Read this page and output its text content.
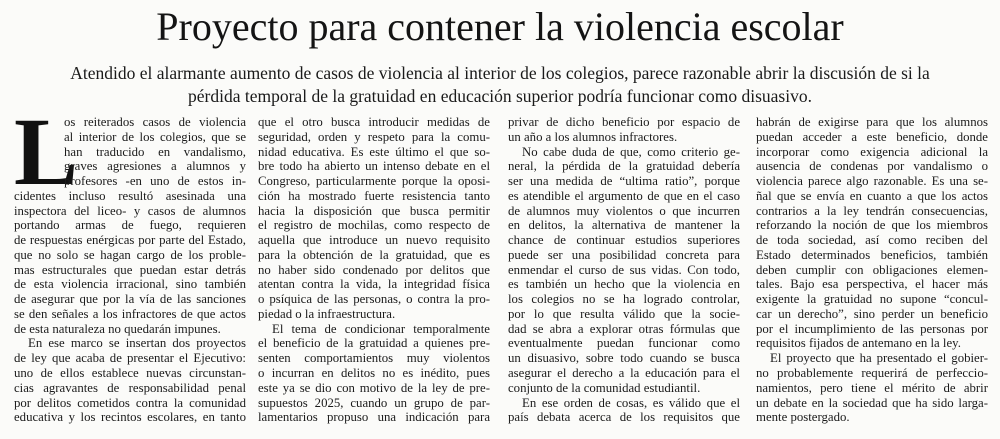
Proyecto para contener la violencia escolar
Atendido el alarmante aumento de casos de violencia al interior de los colegios, parece razonable abrir la discusión de si la
pérdida temporal de la gratuidad en educación superior podría funcionar como disuasivo.
L
os reiterados casos de violencia
al interior de los colegios, que se
han traducido en vandalismo,
graves agresiones a alumnos y
profesores -en uno de estos in-
cidentes incluso resultó asesinada una
inspectora del liceo- y casos de alumnos
portando armas de fuego, requieren
de respuestas enérgicas por parte del Estado,
que no solo se hagan cargo de los proble-
mas estructurales que puedan estar detrás
de esta violencia irracional, sino también
de asegurar que por la vía de las sanciones
se den señales a los infractores de que actos
de esta naturaleza no quedarán impunes.
En ese marco se insertan dos proyectos
de ley que acaba de presentar el Ejecutivo:
uno de ellos establece nuevas circunstan-
cias agravantes de responsabilidad penal
por delitos cometidos contra la comunidad
educativa y los recintos escolares, en tanto
que el otro busca introducir medidas de
seguridad, orden y respeto para la comu-
nidad educativa. Es este último el que so-
bre todo ha abierto un intenso debate en el
Congreso, particularmente porque la oposi-
ción ha mostrado fuerte resistencia tanto
hacia la disposición que busca permitir
el registro de mochilas, como respecto de
aquella que introduce un nuevo requisito
para la obtención de la gratuidad, que es
no haber sido condenado por delitos que
atentan contra la vida, la integridad física
o psíquica de las personas, o contra la pro-
piedad o la infraestructura.
El tema de condicionar temporalmente
el beneficio de la gratuidad a quienes pre-
senten comportamientos muy violentos
o incurran en delitos no es inédito, pues
este ya se dio con motivo de la ley de pre-
supuestos 2025, cuando un grupo de par-
lamentarios propuso una indicación para
privar de dicho beneficio por espacio de
un año a los alumnos infractores.
No cabe duda de que, como criterio ge-
neral, la pérdida de la gratuidad debería
ser una medida de “ultima ratio”, porque
es atendible el argumento de que en el caso
de alumnos muy violentos o que incurren
en delitos, la alternativa de mantener la
chance de continuar estudios superiores
puede ser una posibilidad concreta para
enmendar el curso de sus vidas. Con todo,
es también un hecho que la violencia en
los colegios no se ha logrado controlar,
por lo que resulta válido que la socie-
dad se abra a explorar otras fórmulas que
eventualmente puedan funcionar como
un disuasivo, sobre todo cuando se busca
asegurar el derecho a la educación para el
conjunto de la comunidad estudiantil.
En ese orden de cosas, es válido que el
país debata acerca de los requisitos que
habrán de exigirse para que los alumnos
puedan acceder a este beneficio, donde
incorporar como exigencia adicional la
ausencia de condenas por vandalismo o
violencia parece algo razonable. Es una se-
ñal que se envía en cuanto a que los actos
contrarios a la ley tendrán consecuencias,
reforzando la noción de que los miembros
de toda sociedad, así como reciben del
Estado determinados beneficios, también
deben cumplir con obligaciones elemen-
tales. Bajo esa perspectiva, el hacer más
exigente la gratuidad no supone “concul-
car un derecho”, sino perder un beneficio
por el incumplimiento de las personas por
requisitos fijados de antemano en la ley.
El proyecto que ha presentado el gobier-
no probablemente requerirá de perfeccio-
namientos, pero tiene el mérito de abrir
un debate en la sociedad que ha sido larga-
mente postergado.
